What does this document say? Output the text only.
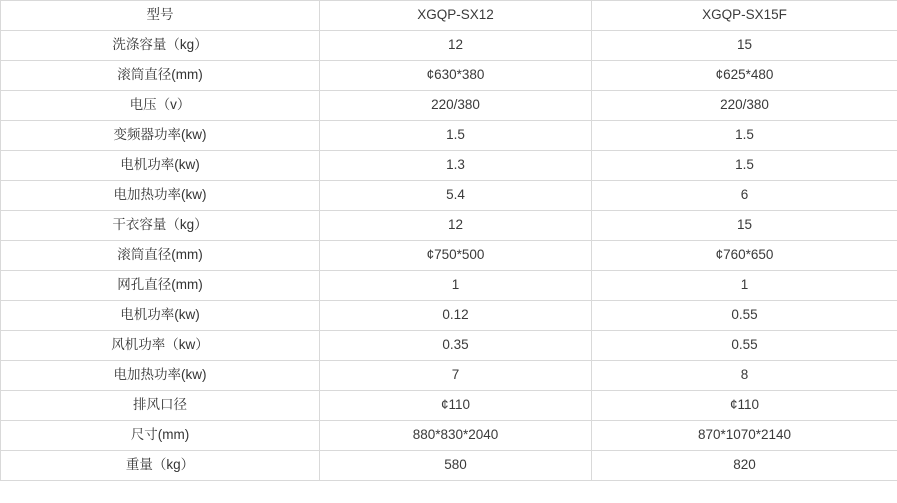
型号	XGQP-SX12	XGQP-SX15F
洗涤容量（kg）	12	15
滚筒直径(mm)	¢630*380	¢625*480
电压（v）	220/380	220/380
变频器功率(kw)	1.5	1.5
电机功率(kw)	1.3	1.5
电加热功率(kw)	5.4	6
干衣容量（kg）	12	15
滚筒直径(mm)	¢750*500	¢760*650
网孔直径(mm)	1	1
电机功率(kw)	0.12	0.55
风机功率（kw）	0.35	0.55
电加热功率(kw)	7	8
排风口径	¢110	¢110
尺寸(mm)	880*830*2040	870*1070*2140
重量（kg）	580	820
